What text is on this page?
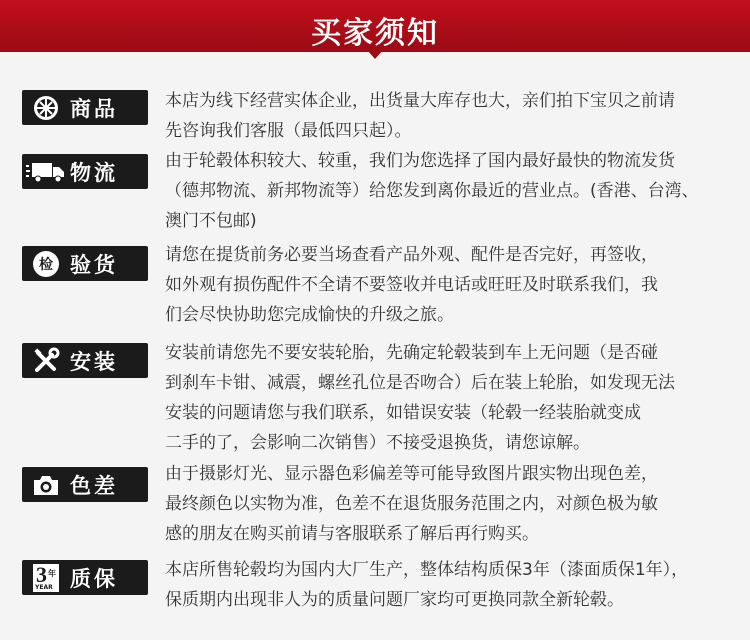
买家须知
商品	本店为线下经营实体企业，出货量大库存也大，亲们拍下宝贝之前请
先咨询我们客服（最低四只起）。
物流	由于轮毂体积较大、较重，我们为您选择了国内最好最快的物流发货
（德邦物流、新邦物流等）给您发到离你最近的营业点。(香港、台湾、
澳门不包邮)
检 验货	请您在提货前务必要当场查看产品外观、配件是否完好，再签收，
如外观有损伤配件不全请不要签收并电话或旺旺及时联系我们，我
们会尽快协助您完成愉快的升级之旅。
安装	安装前请您先不要安装轮胎，先确定轮毂装到车上无问题（是否碰
到刹车卡钳、减震，螺丝孔位是否吻合）后在装上轮胎，如发现无法
安装的问题请您与我们联系，如错误安装（轮毂一经装胎就变成
二手的了，会影响二次销售）不接受退换货，请您谅解。
色差	由于摄影灯光、显示器色彩偏差等可能导致图片跟实物出现色差，
最终颜色以实物为准，色差不在退货服务范围之内，对颜色极为敏
感的朋友在购买前请与客服联系了解后再行购买。
3 年
YEAR 质保	本店所售轮毂均为国内大厂生产，整体结构质保3年（漆面质保1年），
保质期内出现非人为的质量问题厂家均可更换同款全新轮毂。
